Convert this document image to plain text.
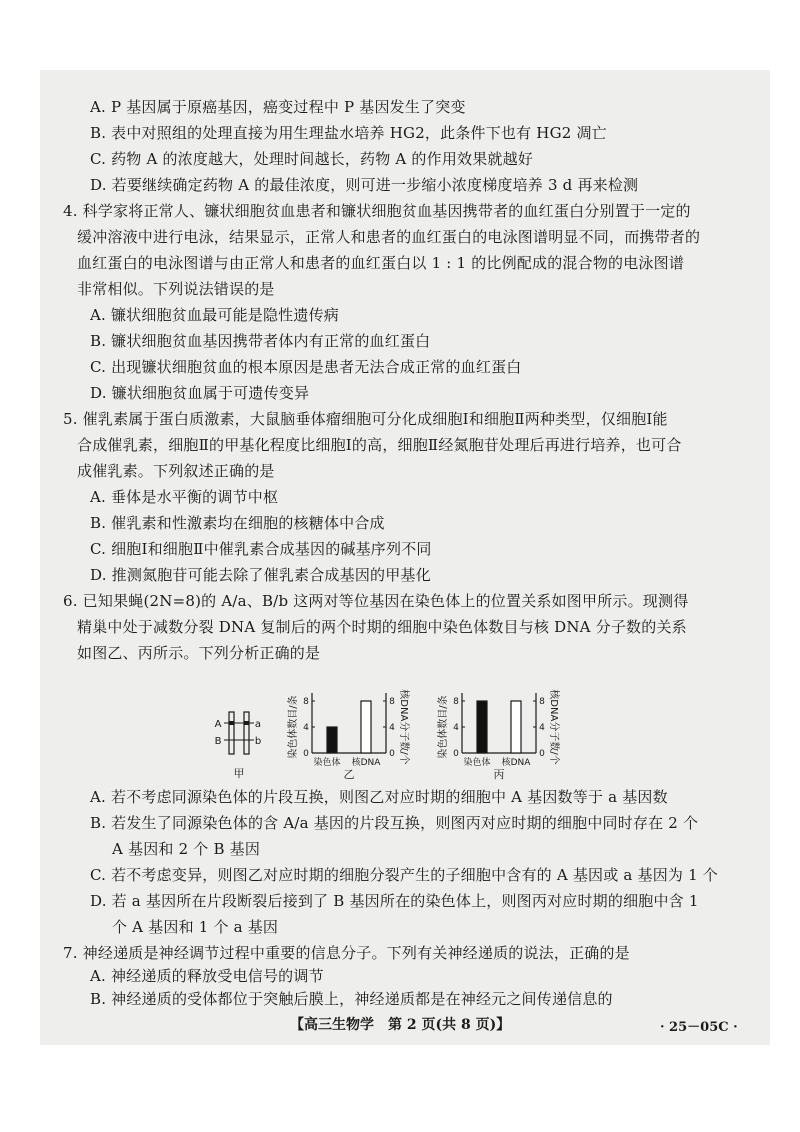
A. P 基因属于原癌基因，癌变过程中 P 基因发生了突变
B. 表中对照组的处理直接为用生理盐水培养 HG2，此条件下也有 HG2 凋亡
C. 药物 A 的浓度越大，处理时间越长，药物 A 的作用效果就越好
D. 若要继续确定药物 A 的最佳浓度，则可进一步缩小浓度梯度培养 3 d 再来检测
4. 科学家将正常人、镰状细胞贫血患者和镰状细胞贫血基因携带者的血红蛋白分别置于一定的
缓冲溶液中进行电泳，结果显示，正常人和患者的血红蛋白的电泳图谱明显不同，而携带者的
血红蛋白的电泳图谱与由正常人和患者的血红蛋白以 1 : 1 的比例配成的混合物的电泳图谱
非常相似。下列说法错误的是
A. 镰状细胞贫血最可能是隐性遗传病
B. 镰状细胞贫血基因携带者体内有正常的血红蛋白
C. 出现镰状细胞贫血的根本原因是患者无法合成正常的血红蛋白
D. 镰状细胞贫血属于可遗传变异
5. 催乳素属于蛋白质激素，大鼠脑垂体瘤细胞可分化成细胞Ⅰ和细胞Ⅱ两种类型，仅细胞Ⅰ能
合成催乳素，细胞Ⅱ的甲基化程度比细胞Ⅰ的高，细胞Ⅱ经氮胞苷处理后再进行培养，也可合
成催乳素。下列叙述正确的是
A. 垂体是水平衡的调节中枢
B. 催乳素和性激素均在细胞的核糖体中合成
C. 细胞Ⅰ和细胞Ⅱ中催乳素合成基因的碱基序列不同
D. 推测氮胞苷可能去除了催乳素合成基因的甲基化
6. 已知果蝇(2N=8)的 A/a、B/b 这两对等位基因在染色体上的位置关系如图甲所示。现测得
精巢中处于减数分裂 DNA 复制后的两个时期的细胞中染色体数目与核 DNA 分子数的关系
如图乙、丙所示。下列分析正确的是
A. 若不考虑同源染色体的片段互换，则图乙对应时期的细胞中 A 基因数等于 a 基因数
B. 若发生了同源染色体的含 A/a 基因的片段互换，则图丙对应时期的细胞中同时存在 2 个
A 基因和 2 个 B 基因
C. 若不考虑变异，则图乙对应时期的细胞分裂产生的子细胞中含有的 A 基因或 a 基因为 1 个
D. 若 a 基因所在片段断裂后接到了 B 基因所在的染色体上，则图丙对应时期的细胞中含 1
个 A 基因和 1 个 a 基因
7. 神经递质是神经调节过程中重要的信息分子。下列有关神经递质的说法，正确的是
A. 神经递质的释放受电信号的调节
B. 神经递质的受体都位于突触后膜上，神经递质都是在神经元之间传递信息的
A	a
B	b
甲
染色体数目/条	核DNA分子数/个
染色体 核DNA
乙
0	0
4	4
8	8	染色体数目/条	核DNA分子数/个
染色体 核DNA
丙
0	0
4	4
8	8
【高三生物学　第 2 页(共 8 页)】	· 25－05C ·
